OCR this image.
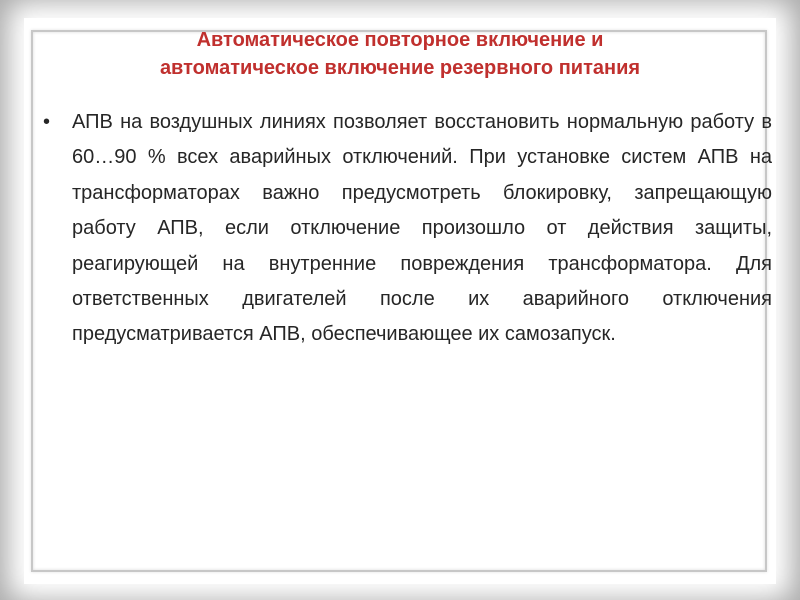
Автоматическое повторное включение и
автоматическое включение резервного питания
• АПВ на воздушных линиях позволяет восстановить нормальную работу в 60…90 % всех аварийных отключений. При установке систем АПВ на трансформаторах важно предусмотреть блокировку, запрещающую работу АПВ, если отключение произошло от действия защиты, реагирующей на внутренние повреждения трансформатора. Для ответственных двигателей после их аварийного отключения предусматривается АПВ, обеспечивающее их самозапуск.
